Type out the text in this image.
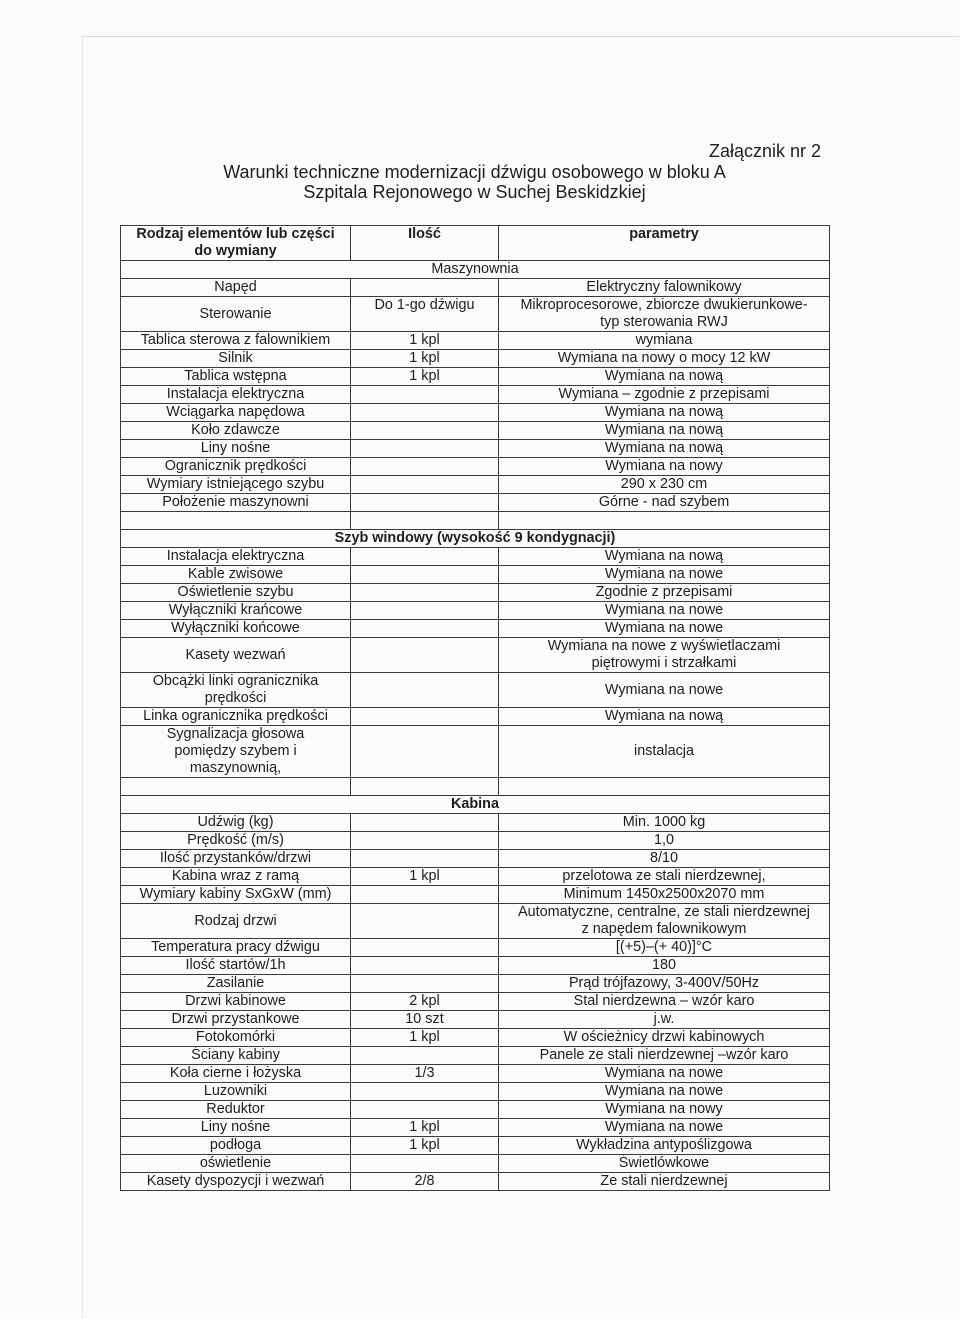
Załącznik nr 2
Warunki techniczne modernizacji dźwigu osobowego w bloku A
Szpitala Rejonowego w Suchej Beskidzkiej
Rodzaj elementów lub części
do wymiany	Ilość	parametry
Maszynownia		
Napęd		Elektryczny falownikowy
Sterowanie	Do 1-go dźwigu	Mikroprocesorowe, zbiorcze dwukierunkowe-
typ sterowania RWJ
Tablica sterowa z falownikiem	1 kpl	wymiana
Silnik	1 kpl	Wymiana na nowy o mocy 12 kW
Tablica wstępna	1 kpl	Wymiana na nową
Instalacja elektryczna		Wymiana – zgodnie z przepisami
Wciągarka napędowa		Wymiana na nową
Koło zdawcze		Wymiana na nową
Liny nośne		Wymiana na nową
Ogranicznik prędkości		Wymiana na nowy
Wymiary istniejącego szybu		290 x 230 cm
Położenie maszynowni		Górne - nad szybem

Szyb windowy (wysokość 9 kondygnacji)		
Instalacja elektryczna		Wymiana na nową
Kable zwisowe		Wymiana na nowe
Oświetlenie szybu		Zgodnie z przepisami
Wyłączniki krańcowe		Wymiana na nowe
Wyłączniki końcowe		Wymiana na nowe
Kasety wezwań		Wymiana na nowe z wyświetlaczami
piętrowymi i strzałkami
Obcążki linki ogranicznika
prędkości		Wymiana na nowe
Linka ogranicznika prędkości		Wymiana na nową
Sygnalizacja głosowa
pomiędzy szybem i
maszynownią,		instalacja

Kabina		
Udźwig (kg)		Min. 1000 kg
Prędkość (m/s)		1,0
Ilość przystanków/drzwi		8/10
Kabina wraz z ramą	1 kpl	przelotowa ze stali nierdzewnej,
Wymiary kabiny SxGxW (mm)		Minimum 1450x2500x2070 mm
Rodzaj drzwi		Automatyczne, centralne, ze stali nierdzewnej
z napędem falownikowym
Temperatura pracy dźwigu		[(+5)–(+ 40)]°C
Ilość startów/1h		180
Zasilanie		Prąd trójfazowy, 3-400V/50Hz
Drzwi kabinowe	2 kpl	Stal nierdzewna – wzór karo
Drzwi przystankowe	10 szt	j.w.
Fotokomórki	1 kpl	W ościeżnicy drzwi kabinowych
Ściany kabiny		Panele ze stali nierdzewnej –wzór karo
Koła cierne i łożyska	1/3	Wymiana na nowe
Luzowniki		Wymiana na nowe
Reduktor		Wymiana na nowy
Liny nośne	1 kpl	Wymiana na nowe
podłoga	1 kpl	Wykładzina antypoślizgowa
oświetlenie		Świetlówkowe
Kasety dyspozycji i wezwań	2/8	Ze stali nierdzewnej
